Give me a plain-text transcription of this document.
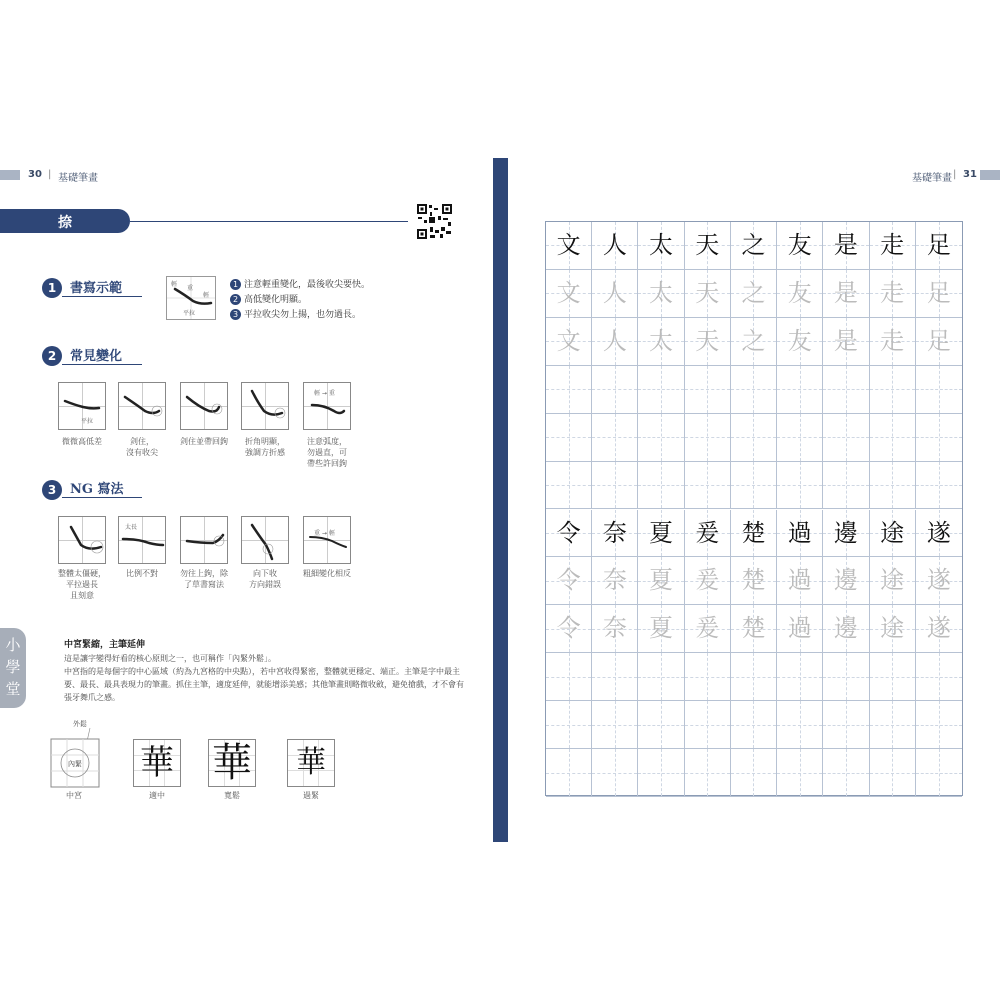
30 | 基礎筆畫	基礎筆畫 | 31
捺
1	書寫示範	輕
重
輕
平拉
1 注意輕重變化，最後收尖要快。
2 高低變化明顯。
3 平拉收尖勿上揚，也勿過長。
2	常見變化
平拉
輕 → 重
微微高低差	剑住，
沒有收尖
剑住並帶回鉤	折角明顯，
強調方折感
注意弧度，
勿過直，可
帶些許回鉤
3	NG 寫法
太長
重 → 輕
整體太僵硬，
平拉過長
且刻意
比例不對	勿往上鉤，除
了草書寫法
向下收
方向錯誤
粗細變化相反
小學堂
中宮緊縮，主筆延伸
這是讓字變得好看的核心原則之一，也可稱作「內緊外鬆」。
中宮指的是每個字的中心區域（約為九宮格的中央點），若中宮收得緊密，整體就更穩定、端正。主筆是字中最主要、最長、最具表現力的筆畫。抓住主筆，適度延伸，就能增添美感；其他筆畫則略微收斂，避免搶戲，才不會有張牙舞爪之感。
外鬆
內緊 華 華	華
中宮	適中	寬鬆	過緊
文 人 太 天 之 友 是 走 足
文 人 太 天 之 友 是 走 足
文 人 太 天 之 友 是 走 足
令 奈 夏 爰 楚 過 邊 途 遂
令 奈 夏 爰 楚 過 邊 途 遂
令 奈 夏 爰 楚 過 邊 途 遂
